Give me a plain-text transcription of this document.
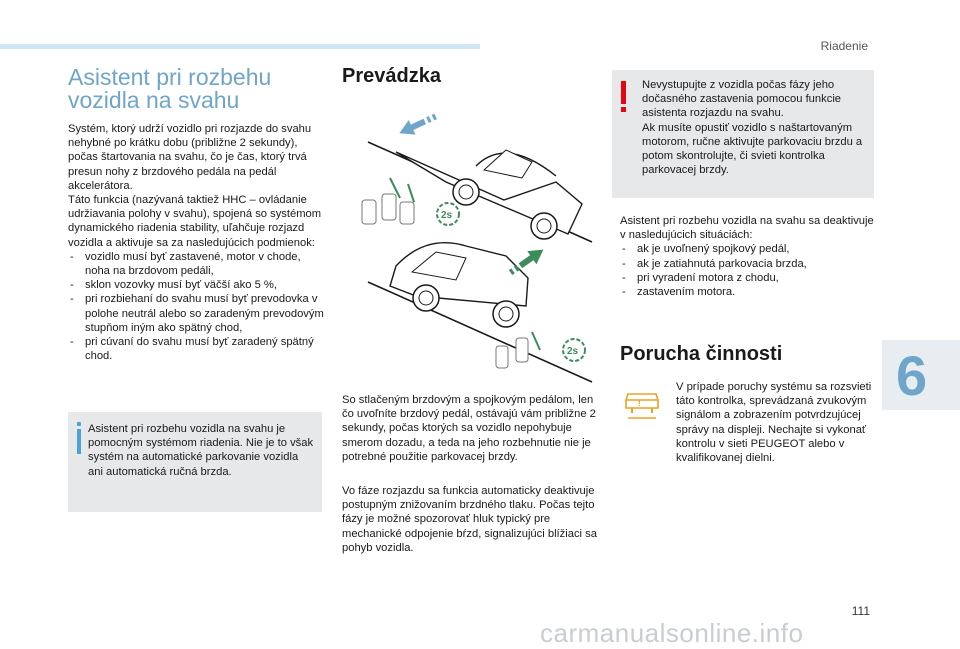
Riadenie
Asistent pri rozbehu
vozidla na svahu

Systém, ktorý udrží vozidlo pri rozjazde do svahu nehybné po krátku dobu (približne 2 sekundy), počas štartovania na svahu, čo je čas, ktorý trvá presun nohy z brzdového pedála na pedál akcelerátora.

Táto funkcia (nazývaná taktiež HHC – ovládanie udržiavania polohy v svahu), spojená so systémom dynamického riadenia stability, uľahčuje rozjazd vozidla a aktivuje sa za nasledujúcich podmienok:

- vozidlo musí byť zastavené, motor v chode, noha na brzdovom pedáli,
- sklon vozovky musí byť väčší ako 5 %,
- pri rozbiehaní do svahu musí byť prevodovka v polohe neutrál alebo so zaradeným prevodovým stupňom iným ako spätný chod,
- pri cúvaní do svahu musí byť zaradený spätný chod.

Asistent pri rozbehu vozidla na svahu je pomocným systémom riadenia. Nie je to však systém na automatické parkovanie vozidla ani automatická ručná brzda.

Prevádzka
2s
2s

So stlačeným brzdovým a spojkovým pedálom, len čo uvoľníte brzdový pedál, ostávajú vám približne 2 sekundy, počas ktorých sa vozidlo nepohybuje smerom dozadu, a teda na jeho rozbehnutie nie je potrebné použitie parkovacej brzdy.

Vo fáze rozjazdu sa funkcia automaticky deaktivuje postupným znižovaním brzdného tlaku. Počas tejto fázy je možné spozorovať hluk typický pre mechanické odpojenie bŕzd, signalizujúci blížiaci sa pohyb vozidla.

Nevystupujte z vozidla počas fázy jeho dočasného zastavenia pomocou funkcie asistenta rozjazdu na svahu.

Ak musíte opustiť vozidlo s naštartovaným motorom, ručne aktivujte parkovaciu brzdu a potom skontrolujte, či svieti kontrolka parkovacej brzdy.

Asistent pri rozbehu vozidla na svahu sa deaktivuje v nasledujúcich situáciách:

- ak je uvoľnený spojkový pedál,
- ak je zatiahnutá parkovacia brzda,
- pri vyradení motora z chodu,
- zastavením motora.
Porucha činnosti
!

V prípade poruchy systému sa rozsvieti táto kontrolka, sprevádzaná zvukovým signálom a zobrazením potvrdzujúcej správy na displeji. Nechajte si vykonať kontrolu v sieti PEUGEOT alebo v kvalifikovanej dielni.

6
111
carmanualsonline.info
